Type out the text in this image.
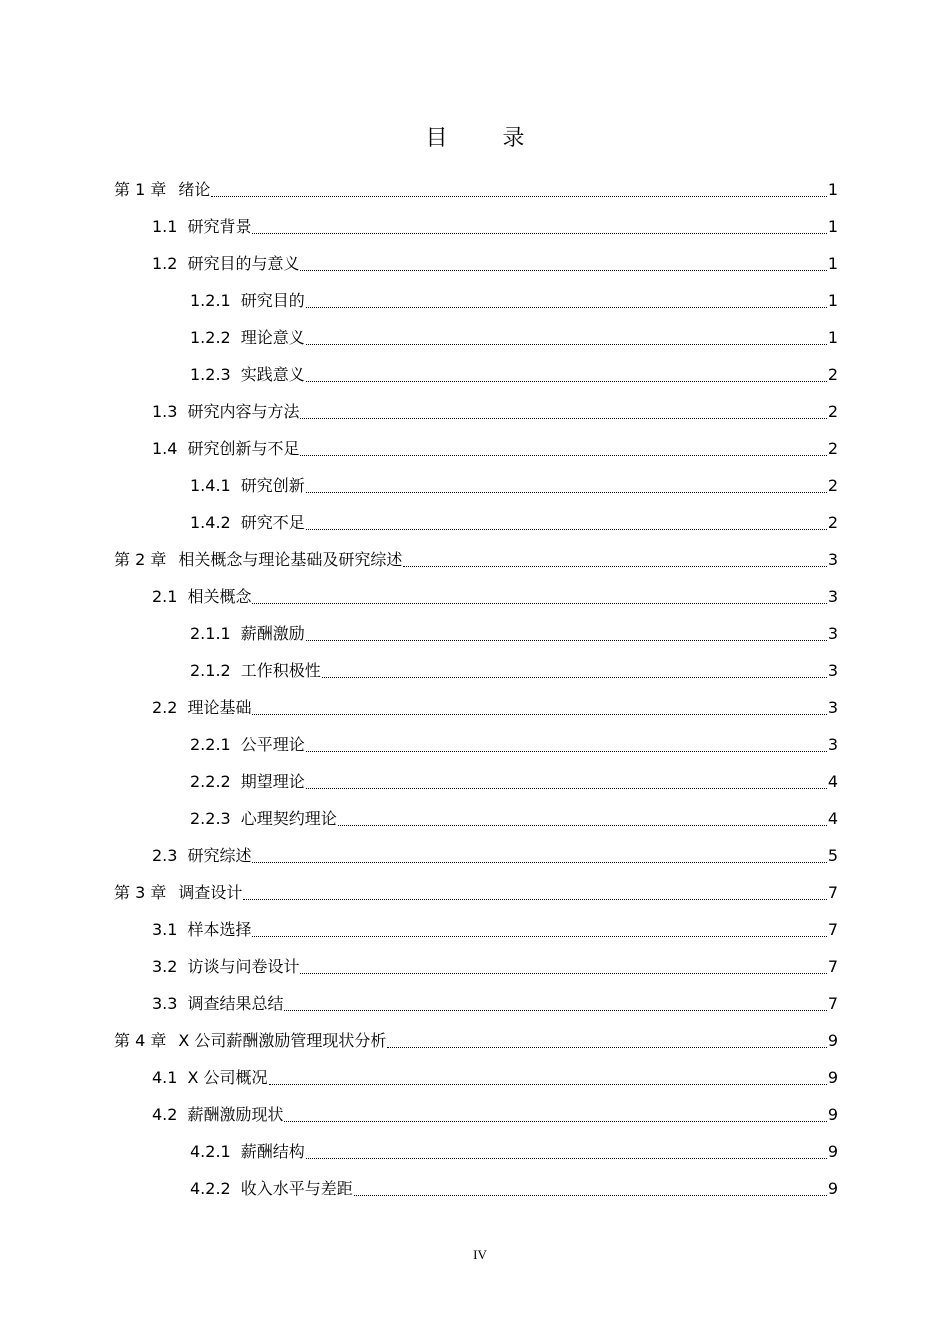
目 录
第 1 章 绪论	1
1.1 研究背景	1
1.2 研究目的与意义	1
1.2.1 研究目的	1
1.2.2 理论意义	1
1.2.3 实践意义	2
1.3 研究内容与方法	2
1.4 研究创新与不足	2
1.4.1 研究创新	2
1.4.2 研究不足	2
第 2 章 相关概念与理论基础及研究综述	3
2.1 相关概念	3
2.1.1 薪酬激励	3
2.1.2 工作积极性	3
2.2 理论基础	3
2.2.1 公平理论	3
2.2.2 期望理论	4
2.2.3 心理契约理论	4
2.3 研究综述	5
第 3 章 调查设计	7
3.1 样本选择	7
3.2 访谈与问卷设计	7
3.3 调查结果总结	7
第 4 章 X 公司薪酬激励管理现状分析	9
4.1 X 公司概况	9
4.2 薪酬激励现状	9
4.2.1 薪酬结构	9
4.2.2 收入水平与差距	9
IV
